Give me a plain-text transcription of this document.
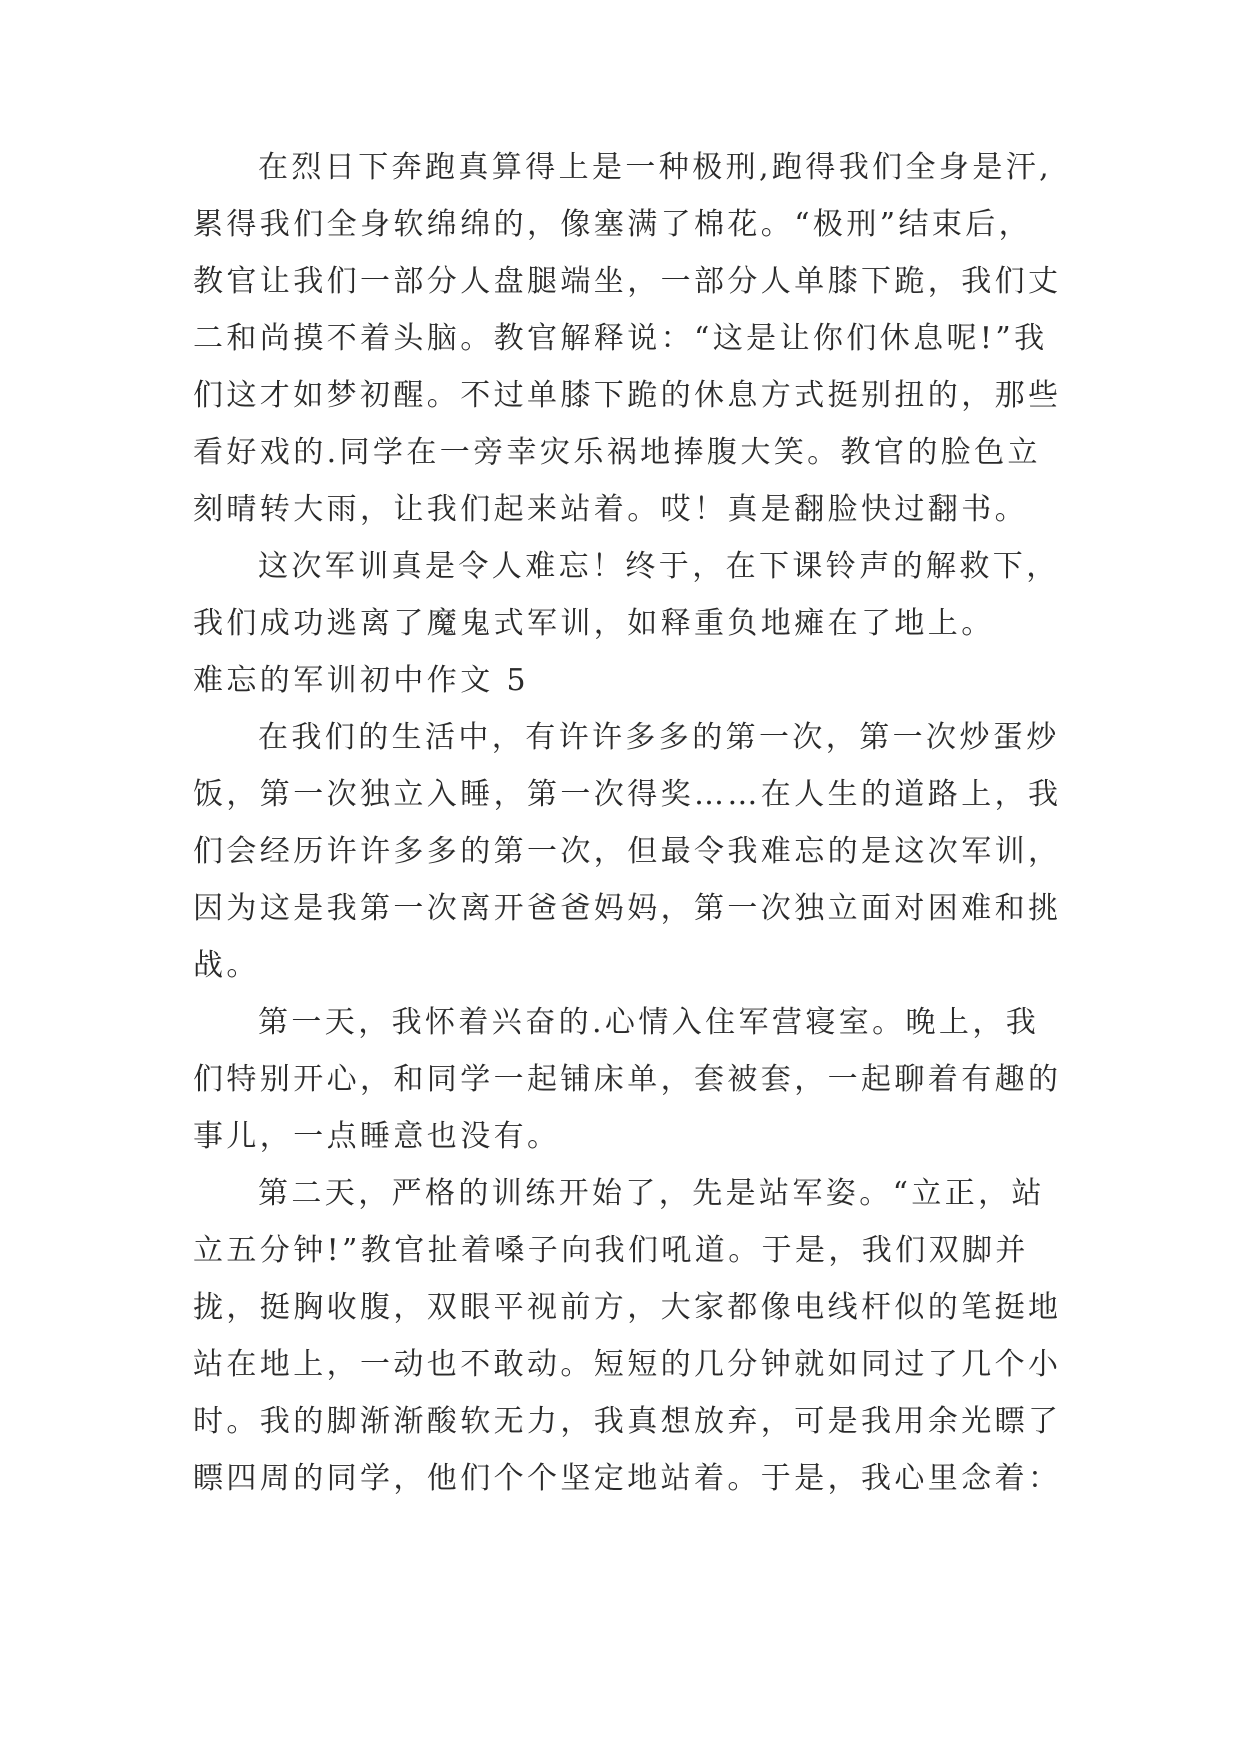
在烈日下奔跑真算得上是一种极刑,跑得我们全身是汗,
累得我们全身软绵绵的，像塞满了棉花。“极刑”结束后，
教官让我们一部分人盘腿端坐，一部分人单膝下跪，我们丈
二和尚摸不着头脑。教官解释说：“这是让你们休息呢!”我
们这才如梦初醒。不过单膝下跪的休息方式挺别扭的，那些
看好戏的.同学在一旁幸灾乐祸地捧腹大笑。教官的脸色立
刻晴转大雨，让我们起来站着。哎！真是翻脸快过翻书。
这次军训真是令人难忘！终于，在下课铃声的解救下，
我们成功逃离了魔鬼式军训，如释重负地瘫在了地上。
难忘的军训初中作文 5
在我们的生活中，有许许多多的第一次，第一次炒蛋炒
饭，第一次独立入睡，第一次得奖……在人生的道路上，我
们会经历许许多多的第一次，但最令我难忘的是这次军训，
因为这是我第一次离开爸爸妈妈，第一次独立面对困难和挑
战。
第一天，我怀着兴奋的.心情入住军营寝室。晚上，我
们特别开心，和同学一起铺床单，套被套，一起聊着有趣的
事儿，一点睡意也没有。
第二天，严格的训练开始了，先是站军姿。“立正，站
立五分钟!”教官扯着嗓子向我们吼道。于是，我们双脚并
拢，挺胸收腹，双眼平视前方，大家都像电线杆似的笔挺地
站在地上，一动也不敢动。短短的几分钟就如同过了几个小
时。我的脚渐渐酸软无力，我真想放弃，可是我用余光瞟了
瞟四周的同学，他们个个坚定地站着。于是，我心里念着：
